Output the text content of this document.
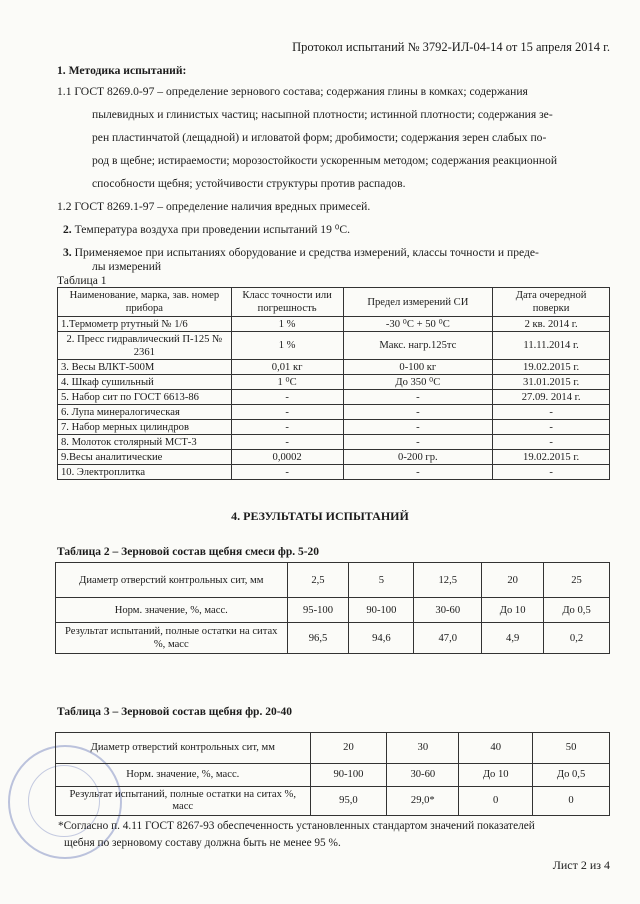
Протокол испытаний № 3792-ИЛ-04-14 от 15 апреля 2014 г.
1. Методика испытаний:
1.1 ГОСТ 8269.0-97 – определение зернового состава; содержания глины в комках; содержания
пылевидных и глинистых частиц; насыпной плотности; истинной плотности; содержания зе-
рен пластинчатой (лещадной) и игловатой форм; дробимости; содержания зерен слабых по-
род в щебне; истираемости; морозостойкости ускоренным методом; содержания реакционной
способности щебня; устойчивости структуры против распадов.
1.2 ГОСТ 8269.1-97 – определение наличия вредных примесей.
2. Температура воздуха при проведении испытаний 19 ⁰С.
3. Применяемое при испытаниях оборудование и средства измерений, классы точности и преде-
лы измерений
Таблица 1
Наименование, марка, зав. номер прибора	Класс точности или погрешность	Предел измерений СИ	Дата очередной поверки
1.Термометр ртутный № 1/6	1 %	-30 ⁰С + 50 ⁰С	2 кв. 2014 г.
2. Пресс гидравлический П-125 № 2361	1 %	Макс. нагр.125тс	11.11.2014 г.
3. Весы ВЛКТ-500М	0,01 кг	0-100 кг	19.02.2015 г.
4. Шкаф сушильный	1 ⁰С	До 350 ⁰С	31.01.2015 г.
5. Набор сит по ГОСТ 6613-86	-	-	27.09. 2014 г.
6. Лупа минералогическая	-	-	-
7. Набор мерных цилиндров	-	-	-
8. Молоток столярный МСТ-3	-	-	-
9.Весы аналитические	0,0002	0-200 гр.	19.02.2015 г.
10. Электроплитка	-	-	-
4. РЕЗУЛЬТАТЫ ИСПЫТАНИЙ
Таблица 2 – Зерновой состав щебня смеси фр. 5-20
Диаметр отверстий контрольных сит, мм	2,5	5	12,5	20	25
Норм. значение, %, масс.	95-100	90-100	30-60	До 10	До 0,5
Результат испытаний, полные остатки на ситах %, масс	96,5	94,6	47,0	4,9	0,2
Таблица 3 – Зерновой состав щебня фр. 20-40
Диаметр отверстий контрольных сит, мм	20	30	40	50
Норм. значение, %, масс.	90-100	30-60	До 10	До 0,5
Результат испытаний, полные остатки на ситах %, масс	95,0	29,0*	0	0
*Согласно п. 4.11 ГОСТ 8267-93 обеспеченность установленных стандартом значений показателей
щебня по зерновому составу должна быть не менее 95 %.
Лист 2 из 4
